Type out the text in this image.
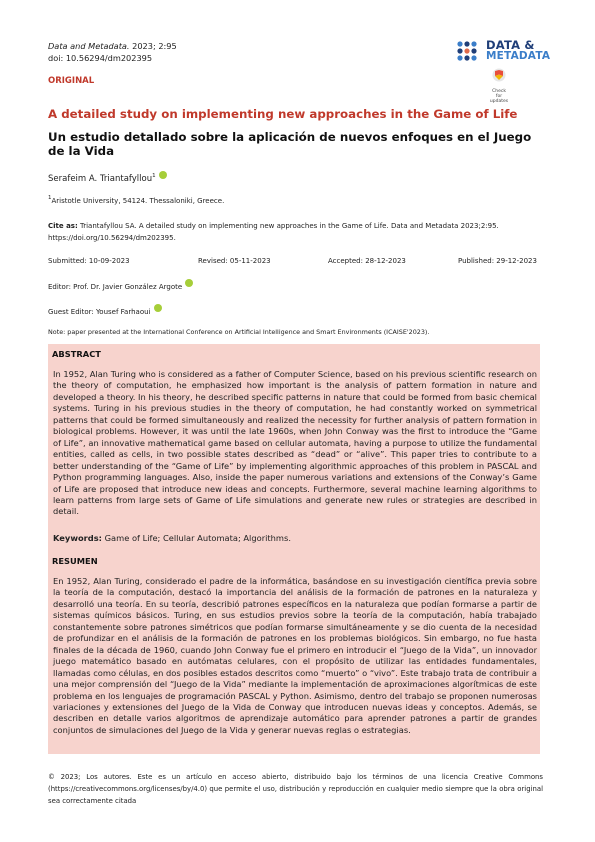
Data and Metadata. 2023; 2:95
doi: 10.56294/dm202395
DATA &
METADATA
Check for updates
ORIGINAL
A detailed study on implementing new approaches in the Game of Life
Un estudio detallado sobre la aplicación de nuevos enfoques en el Juego de la Vida
Serafeim A. Triantafyllou$^1$
$^1$Aristotle University, 54124. Thessaloniki, Greece.
Cite as: Triantafyllou SA. A detailed study on implementing new approaches in the Game of Life. Data and Metadata 2023;2:95. https://doi.org/10.56294/dm202395.
Submitted: 10-09-2023	Revised: 05-11-2023	Accepted: 28-12-2023	Published: 29-12-2023
Editor: Prof. Dr. Javier González Argote
Guest Editor: Yousef Farhaoui
Note: paper presented at the International Conference on Artificial Intelligence and Smart Environments (ICAISE'2023).
ABSTRACT
In 1952, Alan Turing who is considered as a father of Computer Science, based on his previous scientific research on the theory of computation, he emphasized how important is the analysis of pattern formation in nature and developed a theory. In his theory, he described specific patterns in nature that could be formed from basic chemical systems. Turing in his previous studies in the theory of computation, he had constantly worked on symmetrical patterns that could be formed simultaneously and realized the necessity for further analysis of pattern formation in biological problems. However, it was until the late 1960s, when John Conway was the first to introduce the “Game of Life”, an innovative mathematical game based on cellular automata, having a purpose to utilize the fundamental entities, called as cells, in two possible states described as “dead” or “alive”. This paper tries to contribute to a better understanding of the “Game of Life” by implementing algorithmic approaches of this problem in PASCAL and Python programming languages. Also, inside the paper numerous variations and extensions of the Conway’s Game of Life are proposed that introduce new ideas and concepts. Furthermore, several machine learning algorithms to learn patterns from large sets of Game of Life simulations and generate new rules or strategies are described in detail.
Keywords: Game of Life; Cellular Automata; Algorithms.
RESUMEN
En 1952, Alan Turing, considerado el padre de la informática, basándose en su investigación científica previa sobre la teoría de la computación, destacó la importancia del análisis de la formación de patrones en la naturaleza y desarrolló una teoría. En su teoría, describió patrones específicos en la naturaleza que podían formarse a partir de sistemas químicos básicos. Turing, en sus estudios previos sobre la teoría de la computación, había trabajado constantemente sobre patrones simétricos que podían formarse simultáneamente y se dio cuenta de la necesidad de profundizar en el análisis de la formación de patrones en los problemas biológicos. Sin embargo, no fue hasta finales de la década de 1960, cuando John Conway fue el primero en introducir el “Juego de la Vida”, un innovador juego matemático basado en autómatas celulares, con el propósito de utilizar las entidades fundamentales, llamadas como células, en dos posibles estados descritos como “muerto” o “vivo”. Este trabajo trata de contribuir a una mejor comprensión del “Juego de la Vida” mediante la implementación de aproximaciones algorítmicas de este problema en los lenguajes de programación PASCAL y Python. Asimismo, dentro del trabajo se proponen numerosas variaciones y extensiones del Juego de la Vida de Conway que introducen nuevas ideas y conceptos. Además, se describen en detalle varios algoritmos de aprendizaje automático para aprender patrones a partir de grandes conjuntos de simulaciones del Juego de la Vida y generar nuevas reglas o estrategias.
© 2023; Los autores. Este es un artículo en acceso abierto, distribuido bajo los términos de una licencia Creative Commons (https://creativecommons.org/licenses/by/4.0) que permite el uso, distribución y reproducción en cualquier medio siempre que la obra original sea correctamente citada
